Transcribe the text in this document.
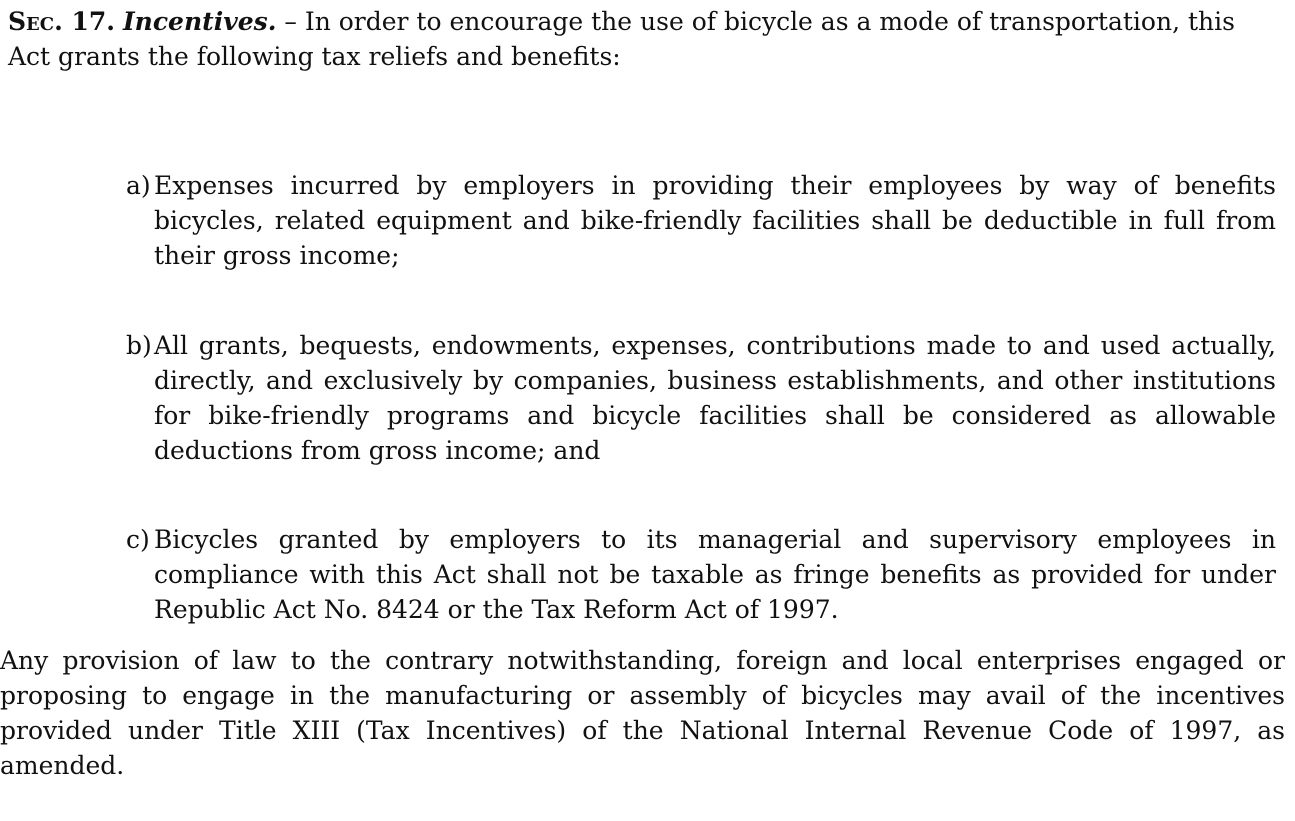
Sec. 17. Incentives. – In order to encourage the use of bicycle as a mode of transportation, this Act grants the following tax reliefs and benefits:

a) Expenses incurred by employers in providing their employees by way of benefits bicycles, related equipment and bike-friendly facilities shall be deductible in full from their gross income;
b) All grants, bequests, endowments, expenses, contributions made to and used actually, directly, and exclusively by companies, business establishments, and other institutions for bike-friendly programs and bicycle facilities shall be considered as allowable deductions from gross income; and
c) Bicycles granted by employers to its managerial and supervisory employees in compliance with this Act shall not be taxable as fringe benefits as provided for under Republic Act No. 8424 or the Tax Reform Act of 1997.

Any provision of law to the contrary notwithstanding, foreign and local enterprises engaged or proposing to engage in the manufacturing or assembly of bicycles may avail of the incentives provided under Title XIII (Tax Incentives) of the National Internal Revenue Code of 1997, as amended.
